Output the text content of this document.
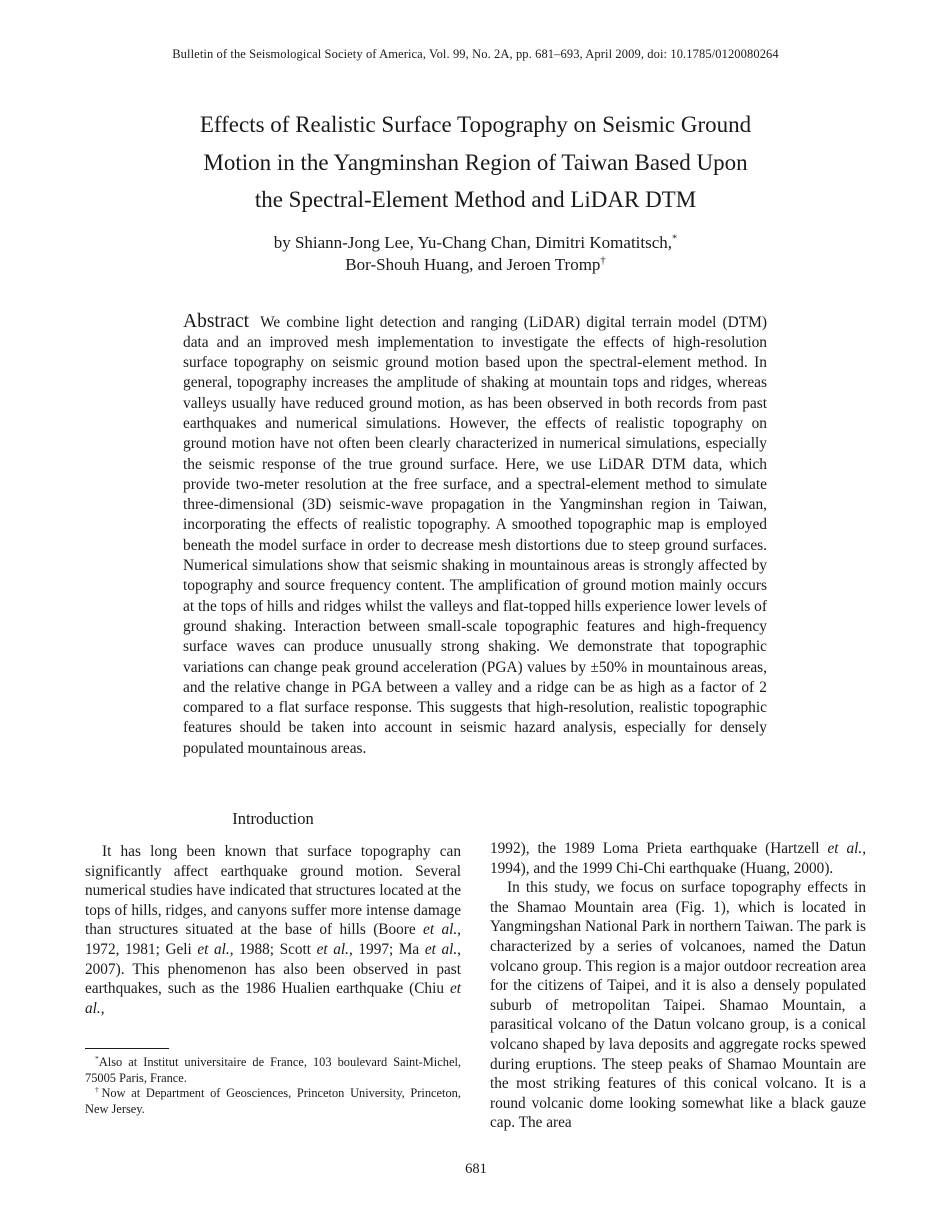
Bulletin of the Seismological Society of America, Vol. 99, No. 2A, pp. 681–693, April 2009, doi: 10.1785/0120080264
Effects of Realistic Surface Topography on Seismic Ground
Motion in the Yangminshan Region of Taiwan Based Upon
the Spectral-Element Method and LiDAR DTM
by Shiann-Jong Lee, Yu-Chang Chan, Dimitri Komatitsch,*
Bor-Shouh Huang, and Jeroen Tromp†
Abstract We combine light detection and ranging (LiDAR) digital terrain model (DTM) data and an improved mesh implementation to investigate the effects of high-resolution surface topography on seismic ground motion based upon the spectral-element method. In general, topography increases the amplitude of shaking at mountain tops and ridges, whereas valleys usually have reduced ground motion, as has been observed in both records from past earthquakes and numerical simulations. However, the effects of realistic topography on ground motion have not often been clearly characterized in numerical simulations, especially the seismic response of the true ground surface. Here, we use LiDAR DTM data, which provide two-meter resolution at the free surface, and a spectral-element method to simulate three-dimensional (3D) seismic-wave propagation in the Yangminshan region in Taiwan, incorporating the effects of realistic topography. A smoothed topographic map is employed beneath the model surface in order to decrease mesh distortions due to steep ground surfaces. Numerical simulations show that seismic shaking in mountainous areas is strongly affected by topography and source frequency content. The amplification of ground motion mainly occurs at the tops of hills and ridges whilst the valleys and flat-topped hills experience lower levels of ground shaking. Interaction between small-scale topographic features and high-frequency surface waves can produce unusually strong shaking. We demonstrate that topographic variations can change peak ground acceleration (PGA) values by ±50% in mountainous areas, and the relative change in PGA between a valley and a ridge can be as high as a factor of 2 compared to a flat surface response. This suggests that high-resolution, realistic topographic features should be taken into account in seismic hazard analysis, especially for densely populated mountainous areas.
Introduction

It has long been known that surface topography can significantly affect earthquake ground motion. Several numerical studies have indicated that structures located at the tops of hills, ridges, and canyons suffer more intense damage than structures situated at the base of hills (Boore et al., 1972, 1981; Geli et al., 1988; Scott et al., 1997; Ma et al., 2007). This phenomenon has also been observed in past earthquakes, such as the 1986 Hualien earthquake (Chiu et al.,

*Also at Institut universitaire de France, 103 boulevard Saint-Michel, 75005 Paris, France.

†Now at Department of Geosciences, Princeton University, Princeton, New Jersey.

1992), the 1989 Loma Prieta earthquake (Hartzell et al., 1994), and the 1999 Chi-Chi earthquake (Huang, 2000).

In this study, we focus on surface topography effects in the Shamao Mountain area (Fig. 1), which is located in Yangmingshan National Park in northern Taiwan. The park is characterized by a series of volcanoes, named the Datun volcano group. This region is a major outdoor recreation area for the citizens of Taipei, and it is also a densely populated suburb of metropolitan Taipei. Shamao Mountain, a parasitical volcano of the Datun volcano group, is a conical volcano shaped by lava deposits and aggregate rocks spewed during eruptions. The steep peaks of Shamao Mountain are the most striking features of this conical volcano. It is a round volcanic dome looking somewhat like a black gauze cap. The area

681
